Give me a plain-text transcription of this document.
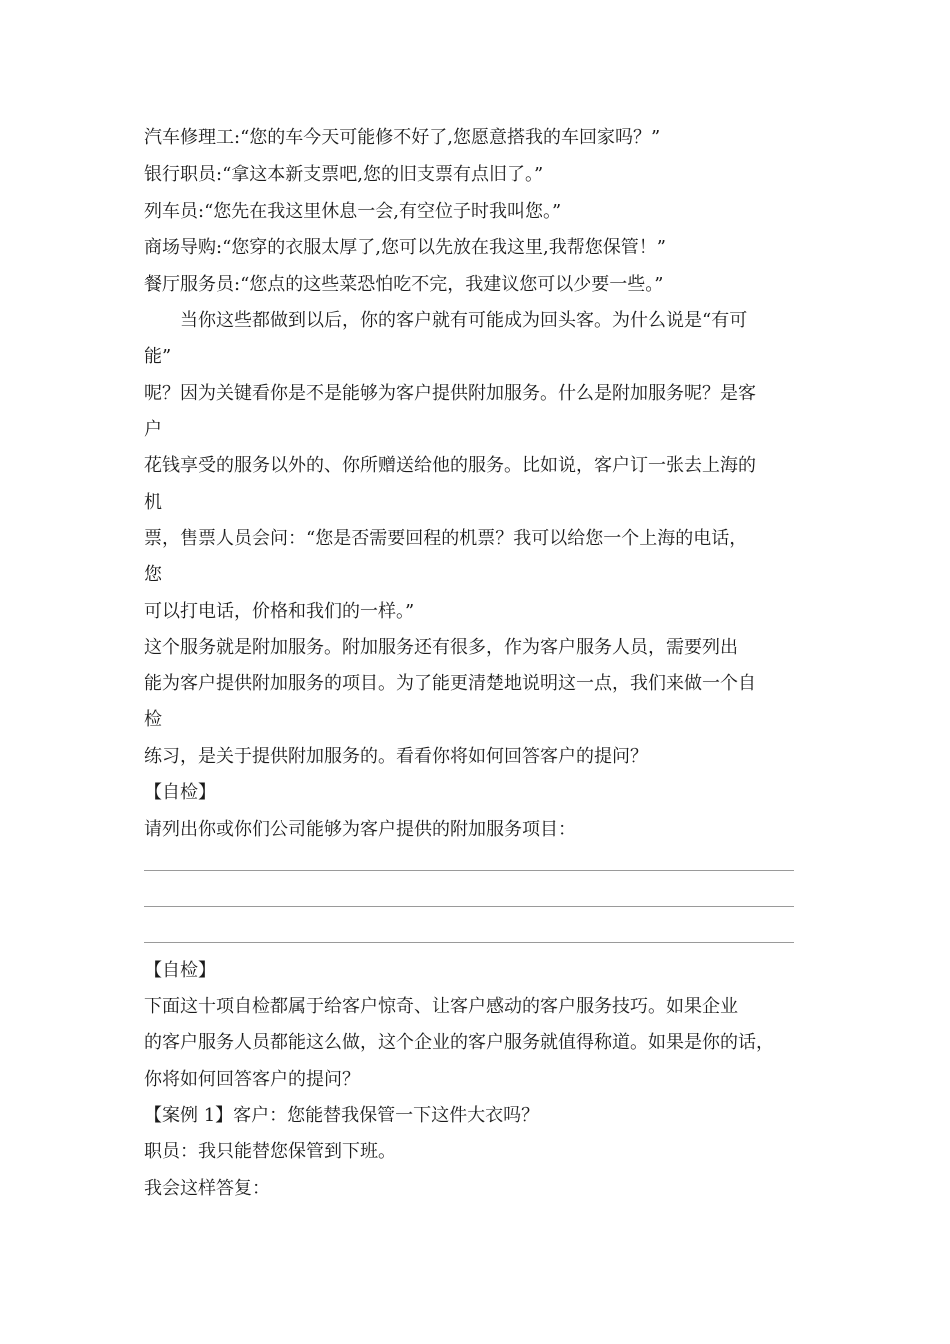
汽车修理工:“您的车今天可能修不好了,您愿意搭我的车回家吗？”
银行职员:“拿这本新支票吧,您的旧支票有点旧了。”
列车员:“您先在我这里休息一会,有空位子时我叫您。”
商场导购:“您穿的衣服太厚了,您可以先放在我这里,我帮您保管！”
餐厅服务员:“您点的这些菜恐怕吃不完，我建议您可以少要一些。”
　　当你这些都做到以后，你的客户就有可能成为回头客。为什么说是“有可
能”
呢？因为关键看你是不是能够为客户提供附加服务。什么是附加服务呢？是客
户
花钱享受的服务以外的、你所赠送给他的服务。比如说，客户订一张去上海的
机
票，售票人员会问：“您是否需要回程的机票？我可以给您一个上海的电话，
您
可以打电话，价格和我们的一样。”
这个服务就是附加服务。附加服务还有很多，作为客户服务人员，需要列出
能为客户提供附加服务的项目。为了能更清楚地说明这一点，我们来做一个自
检
练习，是关于提供附加服务的。看看你将如何回答客户的提问？
【自检】
请列出你或你们公司能够为客户提供的附加服务项目：
【自检】
下面这十项自检都属于给客户惊奇、让客户感动的客户服务技巧。如果企业
的客户服务人员都能这么做，这个企业的客户服务就值得称道。如果是你的话，
你将如何回答客户的提问？
【案例 1】客户：您能替我保管一下这件大衣吗？
职员：我只能替您保管到下班。
我会这样答复：
